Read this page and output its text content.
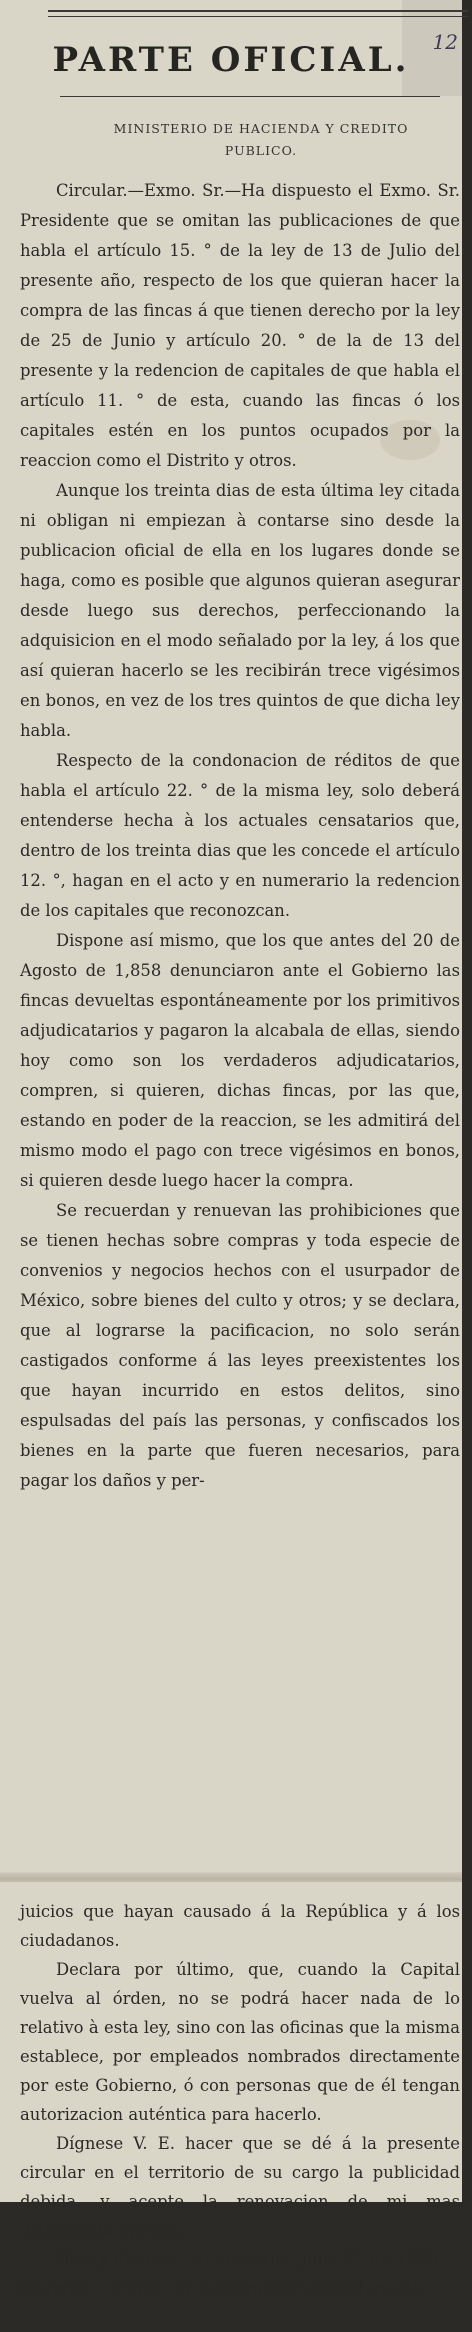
12
PARTE OFICIAL.
MINISTERIO DE HACIENDA Y CREDITO PUBLICO.

Circular.—Exmo. Sr.—Ha dispuesto el Exmo. Sr. Presidente que se omitan las publicaciones de que habla el artículo 15. ° de la ley de 13 de Julio del presente año, respecto de los que quieran hacer la compra de las fincas á que tienen derecho por la ley de 25 de Junio y artículo 20. ° de la de 13 del presente y la redencion de capitales de que habla el artículo 11. ° de esta, cuando las fincas ó los capitales estén en los puntos ocupados por la reaccion como el Distrito y otros.

Aunque los treinta dias de esta última ley citada ni obligan ni empiezan à contarse sino desde la publicacion oficial de ella en los lugares donde se haga, como es posible que algunos quieran asegurar desde luego sus derechos, perfeccionando la adquisicion en el modo señalado por la ley, á los que así quieran hacerlo se les recibirán trece vigésimos en bonos, en vez de los tres quintos de que dicha ley habla.

Respecto de la condonacion de réditos de que habla el artículo 22. ° de la misma ley, solo deberá entenderse hecha à los actuales censatarios que, dentro de los treinta dias que les concede el artículo 12. °, hagan en el acto y en numerario la redencion de los capitales que reconozcan.

Dispone así mismo, que los que antes del 20 de Agosto de 1,858 denunciaron ante el Gobierno las fincas devueltas espontáneamente por los primitivos adjudicatarios y pagaron la alcabala de ellas, siendo hoy como son los verdaderos adjudicatarios, compren, si quieren, dichas fincas, por las que, estando en poder de la reaccion, se les admitirá del mismo modo el pago con trece vigésimos en bonos, si quieren desde luego hacer la compra.

Se recuerdan y renuevan las prohibiciones que se tienen hechas sobre compras y toda especie de convenios y negocios hechos con el usurpador de México, sobre bienes del culto y otros; y se declara, que al lograrse la pacificacion, no solo serán castigados conforme á las leyes preexistentes los que hayan incurrido en estos delitos, sino espulsadas del país las personas, y confiscados los bienes en la parte que fueren necesarios, para pagar los daños y per-

juicios que hayan causado á la República y á los ciudadanos.

Declara por último, que, cuando la Capital vuelva al órden, no se podrá hacer nada de lo relativo à esta ley, sino con las oficinas que la misma establece, por empleados nombrados directamente por este Gobierno, ó con personas que de él tengan autorizacion auténtica para hacerlo.

Dígnese V. E. hacer que se dé á la presente circular en el territorio de su cargo la publicidad debida, y acepte la renovacion de mi mas distinguido aprecio.

Dios y libertad. H. Veracruz, Julio 27 de 1859.— Ocampo.— Exmo. Sr. Gobernador del Estado de. . . . . .
